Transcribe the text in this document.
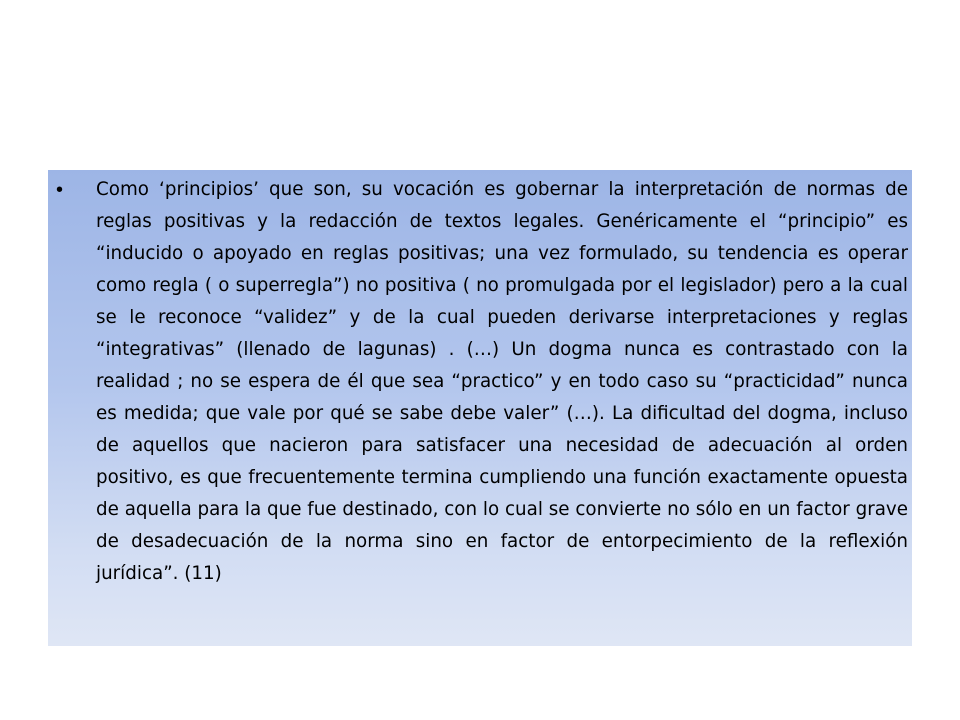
•	Como ‘principios’ que son, su vocación es gobernar la interpretación de normas de reglas positivas y la redacción de textos legales. Genéricamente el “principio” es “inducido o apoyado en reglas positivas; una vez formulado, su tendencia es operar como regla ( o superregla”) no positiva ( no promulgada por el legislador) pero a la cual se le reconoce “validez” y de la cual pueden derivarse interpretaciones y reglas “integrativas” (llenado de lagunas) . (…) Un dogma nunca es contrastado con la realidad ; no se espera de él que sea “practico” y en todo caso su “practicidad” nunca es medida; que vale por qué se sabe debe valer” (…). La dificultad del dogma, incluso de aquellos que nacieron para satisfacer una necesidad de adecuación al orden positivo, es que frecuentemente termina cumpliendo una función exactamente opuesta de aquella para la que fue destinado, con lo cual se convierte no sólo en un factor grave de desadecuación de la norma sino en factor de entorpecimiento de la reflexión jurídica”. (11)
